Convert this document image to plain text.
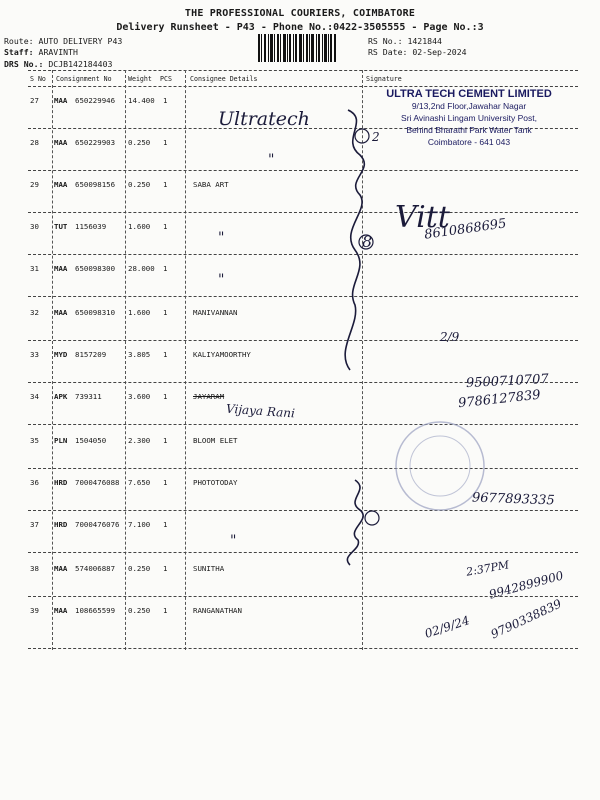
THE PROFESSIONAL COURIERS, COIMBATORE
Delivery Runsheet - P43 - Phone No.:0422-3505555 - Page No.:3
Route: AUTO DELIVERY P43
Staff: ARAVINTH
DRS No.: DCJB142184403
RS No.: 1421844
RS Date: 02-Sep-2024
S No Consignment No Weight PCS	Consignee Details	Signature
27 MAA 650229946 14.400 1
28 MAA 650229903 0.250 1
29 MAA 650098156 0.250 1	SABA ART
30 TUT 1156039	1.600 1
31 MAA 650098300 28.000 1
32 MAA 650098310 1.600 1	MANIVANNAN
33 MYD 8157209	3.805 1	KALIYAMOORTHY
34 APK 739311	3.600 1	JAYARAM
35 PLN 1504050	2.300 1	BLOOM ELET
36 HRD 7000476088 7.650 1	PHOTOTODAY
37 HRD 7000476076 7.100 1
38 MAA 574006887 0.250 1	SUNITHA
39 MAA 108665599 0.250 1	RANGANATHAN
ULTRA TECH CEMENT LIMITED
9/13,2nd Floor,Jawahar Nagar
Sri Avinashi Lingam University Post,
Behind Bharathi Park Water Tank
Coimbatore - 641 043
Ultratech
"
"
"
"
Vijaya Rani
Vitt
8610868695
8
2/9
9500710707
9786127839
9677893335
2:37PM
9942899900
02/9/24 9790338839
2
